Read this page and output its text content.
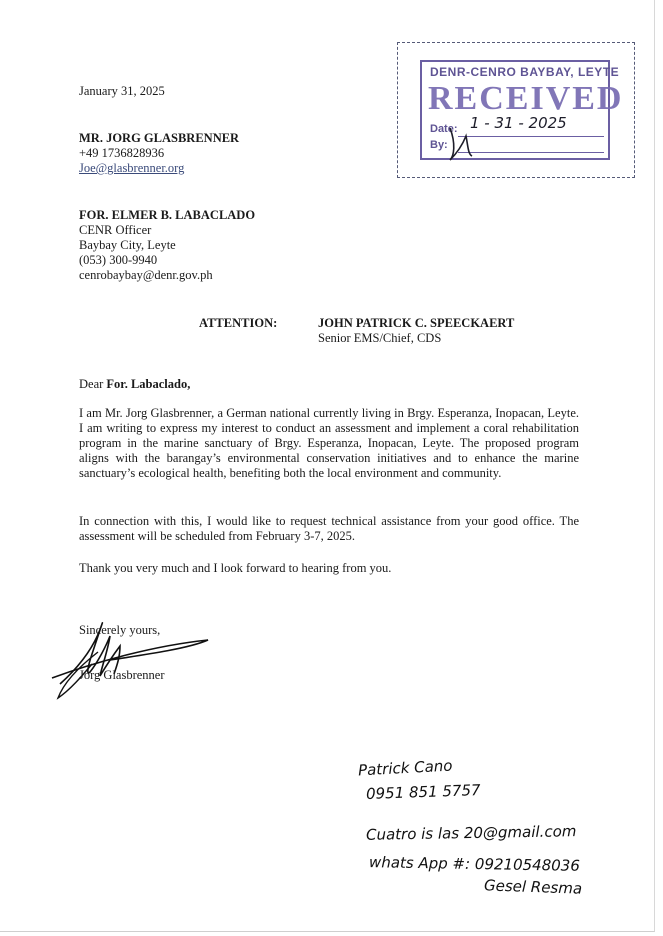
January 31, 2025
MR. JORG GLASBRENNER
+49 1736828936
Joe@glasbrenner.org
FOR. ELMER B. LABACLADO
CENR Officer
Baybay City, Leyte
(053) 300-9940
cenrobaybay@denr.gov.ph
ATTENTION:	JOHN PATRICK C. SPEECKAERT
Senior EMS/Chief, CDS
Dear For. Labaclado,
I am Mr. Jorg Glasbrenner, a German national currently living in Brgy. Esperanza, Inopacan, Leyte. I am writing to express my interest to conduct an assessment and implement a coral rehabilitation program in the marine sanctuary of Brgy. Esperanza, Inopacan, Leyte. The proposed program aligns with the barangay’s environmental conservation initiatives and to enhance the marine sanctuary’s ecological health, benefiting both the local environment and community.
In connection with this, I would like to request technical assistance from your good office. The assessment will be scheduled from February 3-7, 2025.
Thank you very much and I look forward to hearing from you.
Sincerely yours,
Jorg Glasbrenner
DENR-CENRO BAYBAY, LEYTE
RECEIVED
Date: 1 - 31 - 2025
By:
Patrick Cano
0951 851 5757
Cuatro is las 20@gmail.com
whats App #: 09210548036
Gesel Resma
